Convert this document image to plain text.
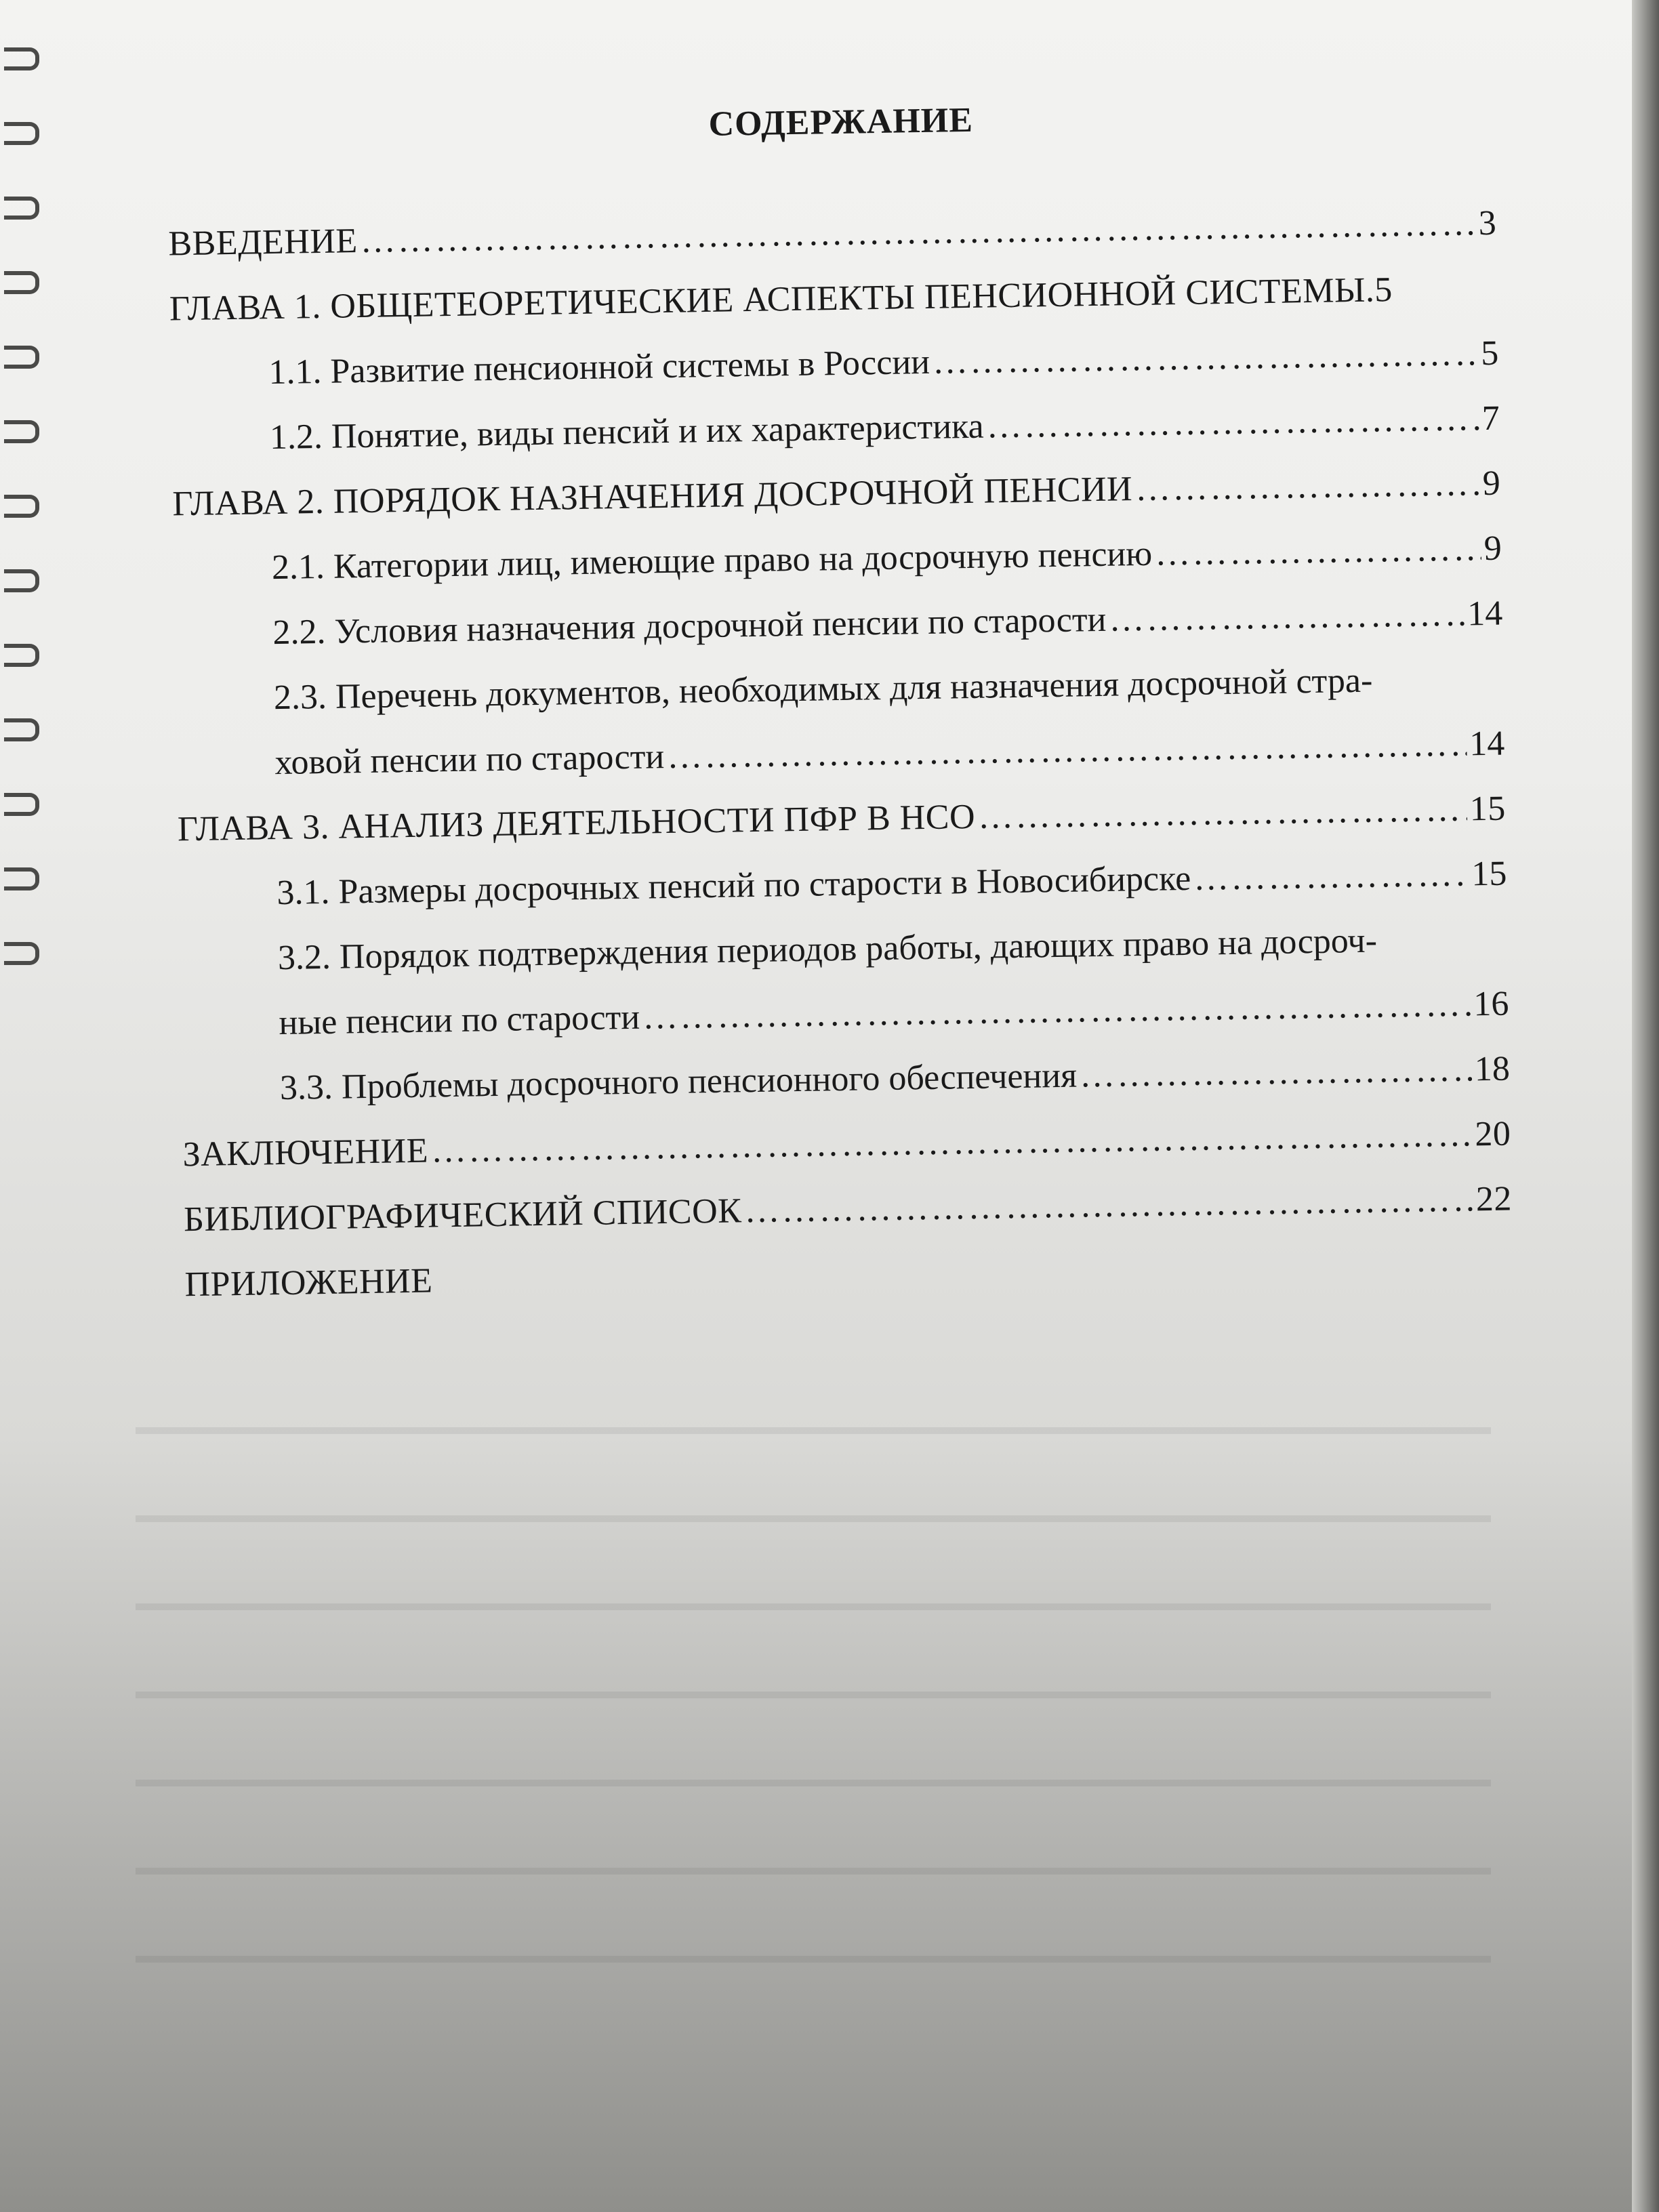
СОДЕРЖАНИЕ
ВВЕДЕНИЕ ………………………………………………………………………………………………………………………………………………………………………………………………	3
ГЛАВА 1. ОБЩЕТЕОРЕТИЧЕСКИЕ АСПЕКТЫ ПЕНСИОННОЙ СИСТЕМЫ. 5
1.1. Развитие пенсионной системы в России ………………………………………………………………………………………………………………………………………………………………………………………………	5
1.2. Понятие, виды пенсий и их характеристика ………………………………………………………………………………………………………………………………………………………………………………………………	7
ГЛАВА 2. ПОРЯДОК НАЗНАЧЕНИЯ ДОСРОЧНОЙ ПЕНСИИ ………………………………………………………………………………………………………………………………………………………………………………………………	9
2.1. Категории лиц, имеющие право на досрочную пенсию ………………………………………………………………………………………………………………………………………………………………………………………………	9
2.2. Условия назначения досрочной пенсии по старости ………………………………………………………………………………………………………………………………………………………………………………………………	14
2.3. Перечень документов, необходимых для назначения досрочной стра-
ховой пенсии по старости ………………………………………………………………………………………………………………………………………………………………………………………………	14
ГЛАВА 3. АНАЛИЗ ДЕЯТЕЛЬНОСТИ ПФР В НСО ………………………………………………………………………………………………………………………………………………………………………………………………	15
3.1. Размеры досрочных пенсий по старости в Новосибирске ………………………………………………………………………………………………………………………………………………………………………………………………	15
3.2. Порядок подтверждения периодов работы, дающих право на досроч-
ные пенсии по старости ………………………………………………………………………………………………………………………………………………………………………………………………	16
3.3. Проблемы досрочного пенсионного обеспечения ………………………………………………………………………………………………………………………………………………………………………………………………	18
ЗАКЛЮЧЕНИЕ ………………………………………………………………………………………………………………………………………………………………………………………………	20
БИБЛИОГРАФИЧЕСКИЙ СПИСОК ………………………………………………………………………………………………………………………………………………………………………………………………	22
ПРИЛОЖЕНИЕ
